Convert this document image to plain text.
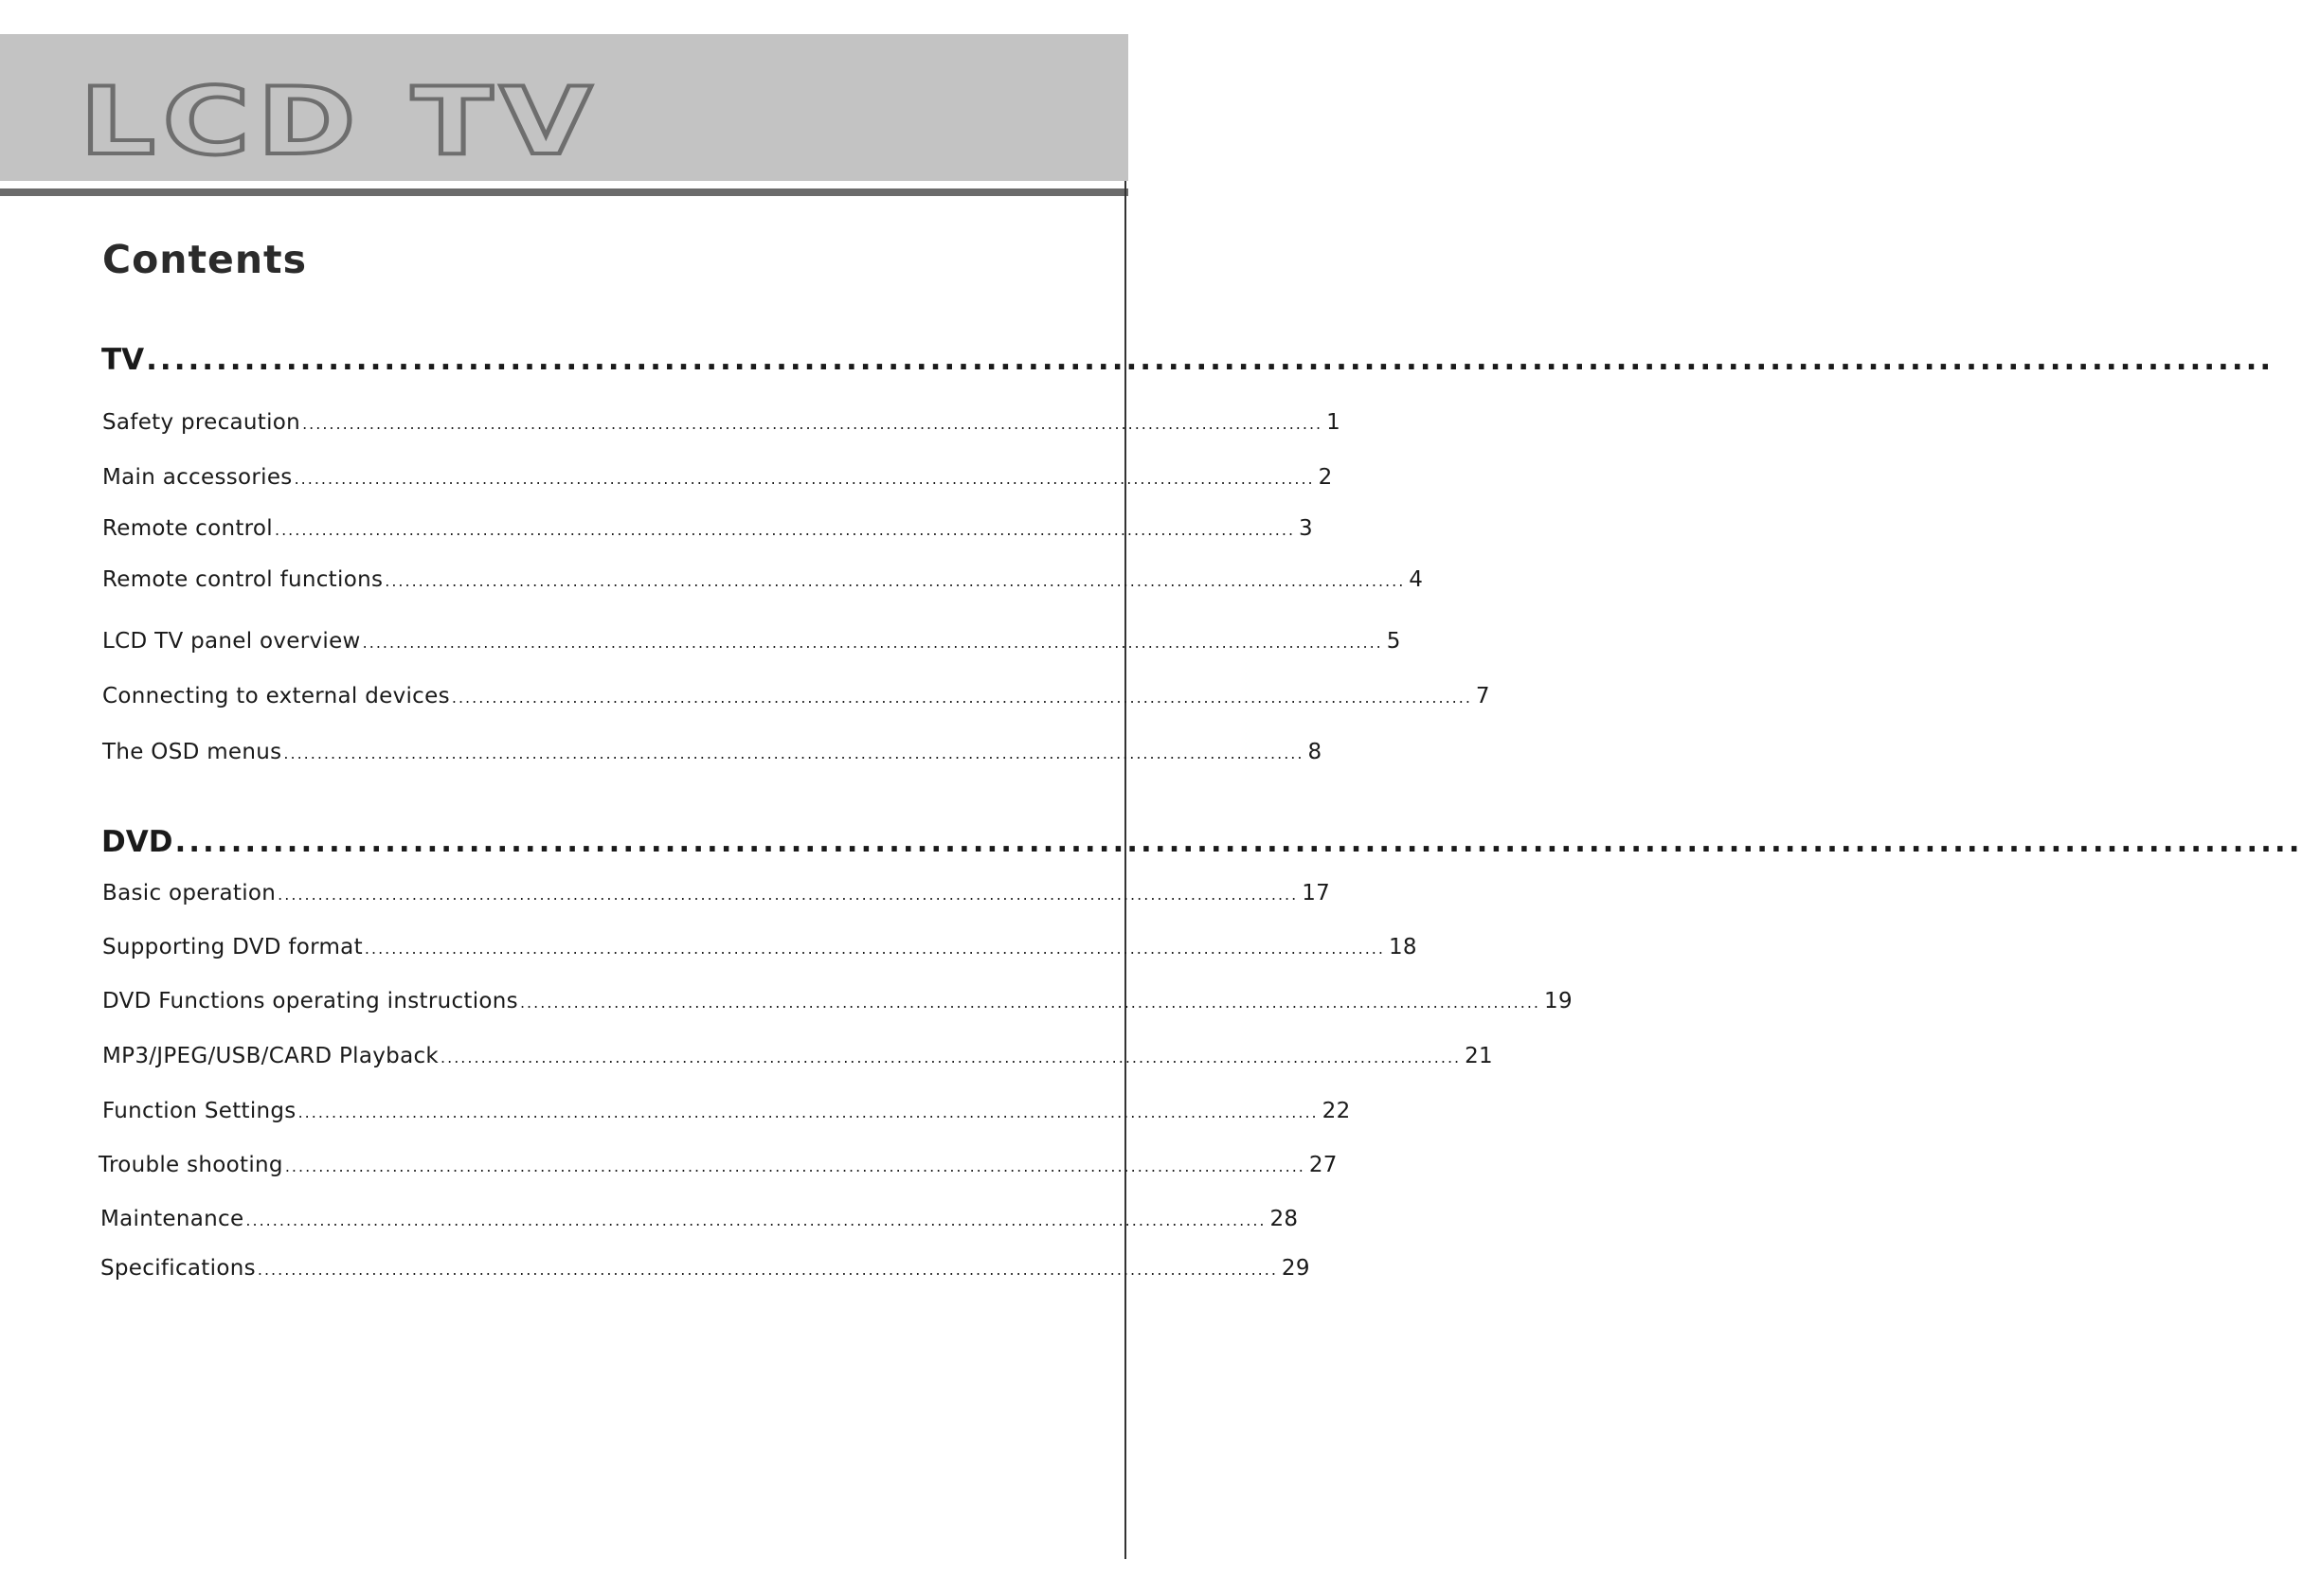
LCD TV
Contents
TV ........................................................................................................................................................
Safety precaution ........................................................................................................................................................ 1
Main accessories ........................................................................................................................................................ 2
Remote control ........................................................................................................................................................ 3
Remote control functions ........................................................................................................................................................ 4
LCD TV panel overview ........................................................................................................................................................ 5
Connecting to external devices ........................................................................................................................................................ 7
The OSD menus ........................................................................................................................................................ 8
DVD ........................................................................................................................................................
Basic operation ........................................................................................................................................................ 17
Supporting DVD format ........................................................................................................................................................ 18
DVD Functions operating instructions ........................................................................................................................................................ 19
MP3/JPEG/USB/CARD Playback ........................................................................................................................................................ 21
Function Settings ........................................................................................................................................................ 22
Trouble shooting ........................................................................................................................................................ 27
Maintenance ........................................................................................................................................................ 28
Specifications ........................................................................................................................................................ 29
